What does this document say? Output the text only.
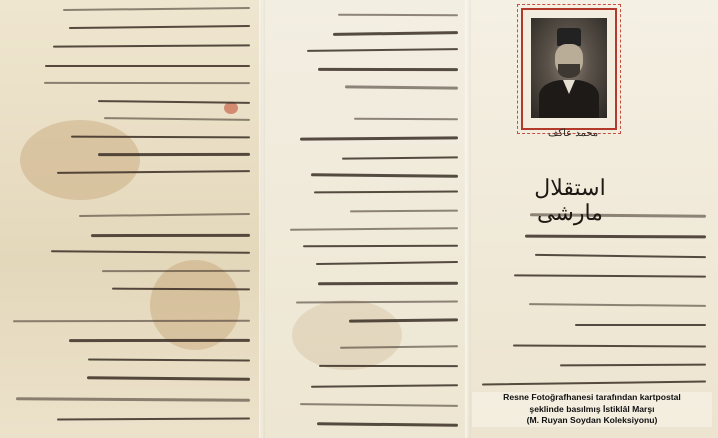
محمد عاكف
استقلال مارشی
Resne Fotoğrafhanesi tarafından kartpostal
şeklinde basılmış İstiklâl Marşı
(M. Ruyan Soydan Koleksiyonu)
